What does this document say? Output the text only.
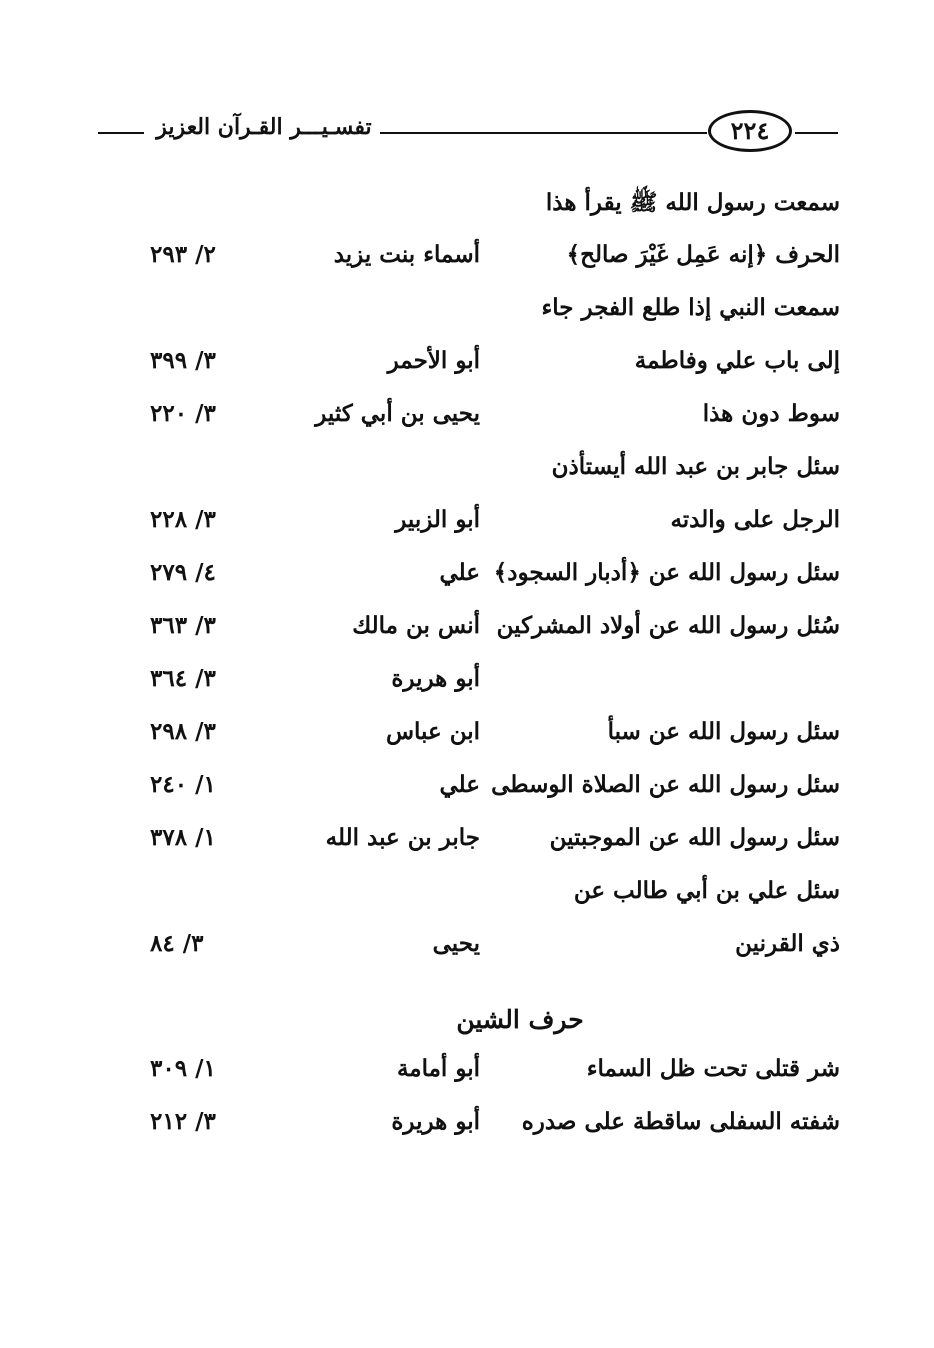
تفسـيـــر القـرآن العزيز	٢٢٤
سمعت رسول الله ﷺ يقرأ هذا
الحرف ﴿إنه عَمِل غَيْرَ صالح﴾
أسماء بنت يزيد
٢/ ٢٩٣
سمعت النبي إذا طلع الفجر جاء
إلى باب علي وفاطمة
أبو الأحمر
٣/ ٣٩٩
سوط دون هذا
يحيى بن أبي كثير
٣/ ٢٢٠
سئل جابر بن عبد الله أيستأذن
الرجل على والدته
أبو الزبير
٣/ ٢٢٨
سئل رسول الله عن ﴿أدبار السجود﴾
علي
٤/ ٢٧٩
سُئل رسول الله عن أولاد المشركين
أنس بن مالك
٣/ ٣٦٣
أبو هريرة
٣/ ٣٦٤
سئل رسول الله عن سبأ
ابن عباس
٣/ ٢٩٨
سئل رسول الله عن الصلاة الوسطى
علي
١/ ٢٤٠
سئل رسول الله عن الموجبتين
جابر بن عبد الله
١/ ٣٧٨
سئل علي بن أبي طالب عن
ذي القرنين
يحيى
٣/ ٨٤
حرف الشين
شر قتلى تحت ظل السماء
أبو أمامة
١/ ٣٠٩
شفته السفلى ساقطة على صدره
أبو هريرة
٣/ ٢١٢
